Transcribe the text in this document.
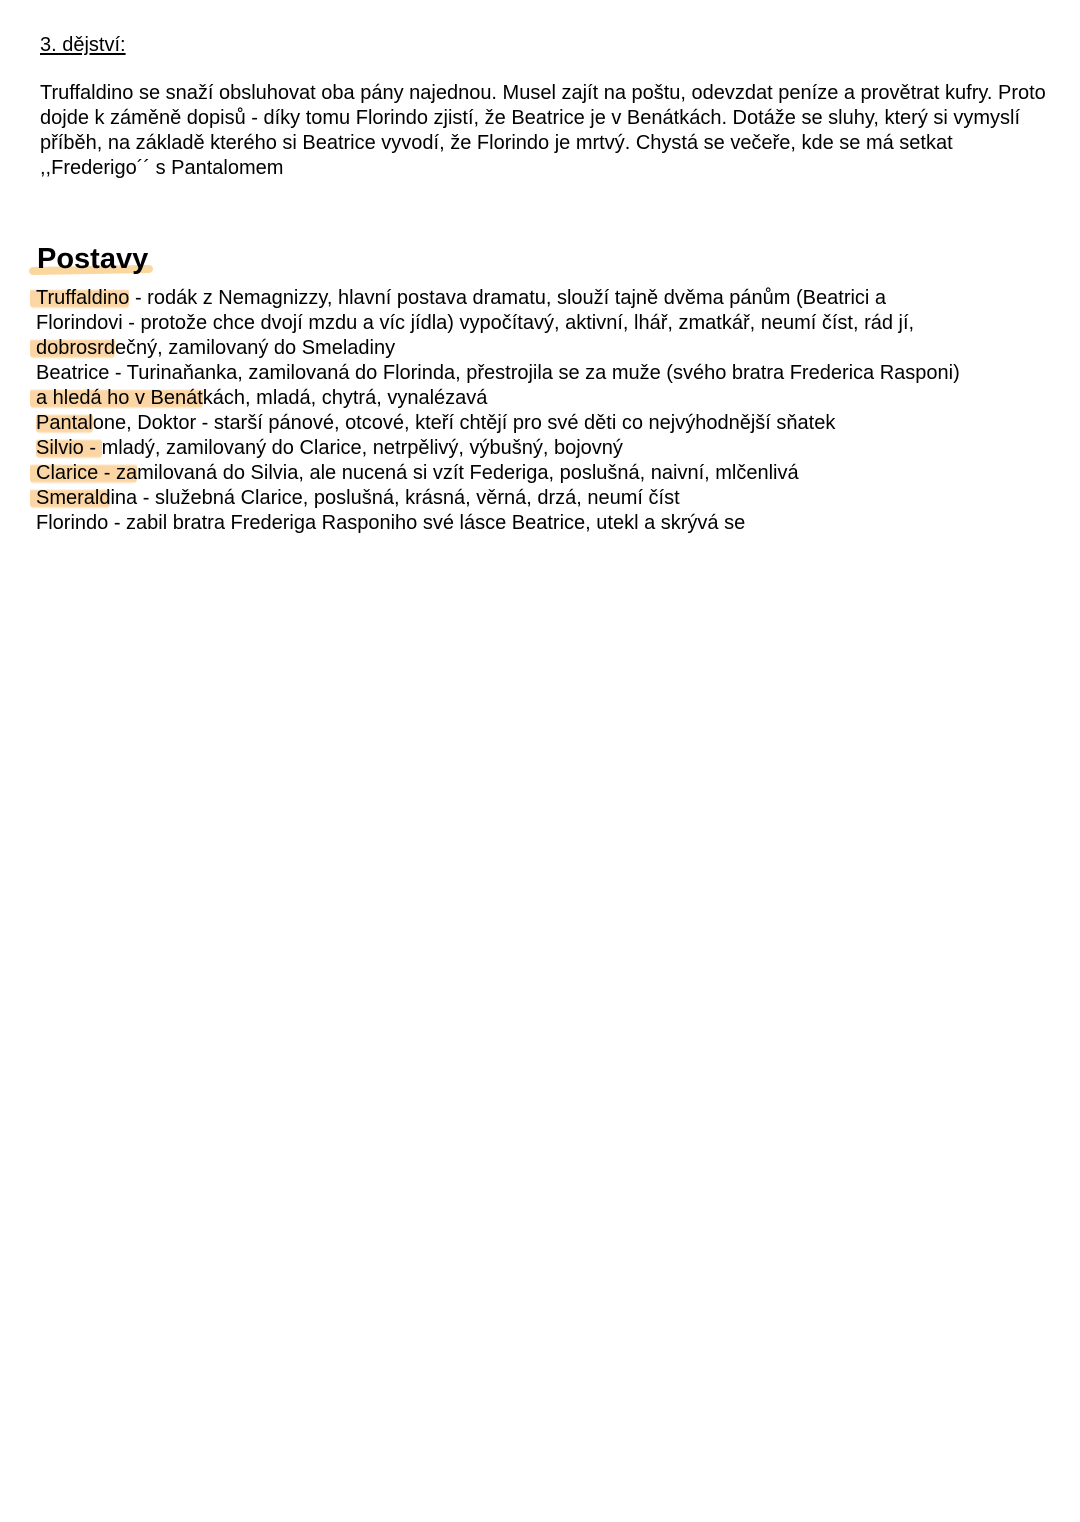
3. dějství:
Truffaldino se snaží obsluhovat oba pány najednou. Musel zajít na poštu, odevzdat peníze a provětrat kufry. Proto dojde k záměně dopisů - díky tomu Florindo zjistí, že Beatrice je v Benátkách. Dotáže se sluhy, který si vymyslí příběh, na základě kterého si Beatrice vyvodí, že Florindo je mrtvý. Chystá se večeře, kde se má setkat ,,Frederigo´´ s Pantalomem
Postavy
Truffaldino - rodák z Nemagnizzy, hlavní postava dramatu, slouží tajně dvěma pánům (Beatrici a
Florindovi - protože chce dvojí mzdu a víc jídla) vypočítavý, aktivní, lhář, zmatkář, neumí číst, rád jí,
dobrosrdečný, zamilovaný do Smeladiny
Beatrice - Turinaňanka, zamilovaná do Florinda, přestrojila se za muže (svého bratra Frederica Rasponi)
a hledá ho v Benátkách, mladá, chytrá, vynalézavá
Pantalone, Doktor - starší pánové, otcové, kteří chtějí pro své děti co nejvýhodnější sňatek
Silvio - mladý, zamilovaný do Clarice, netrpělivý, výbušný, bojovný
Clarice - zamilovaná do Silvia, ale nucená si vzít Federiga, poslušná, naivní, mlčenlivá
Smeraldina - služebná Clarice, poslušná, krásná, věrná, drzá, neumí číst
Florindo - zabil bratra Frederiga Rasponiho své lásce Beatrice, utekl a skrývá se
